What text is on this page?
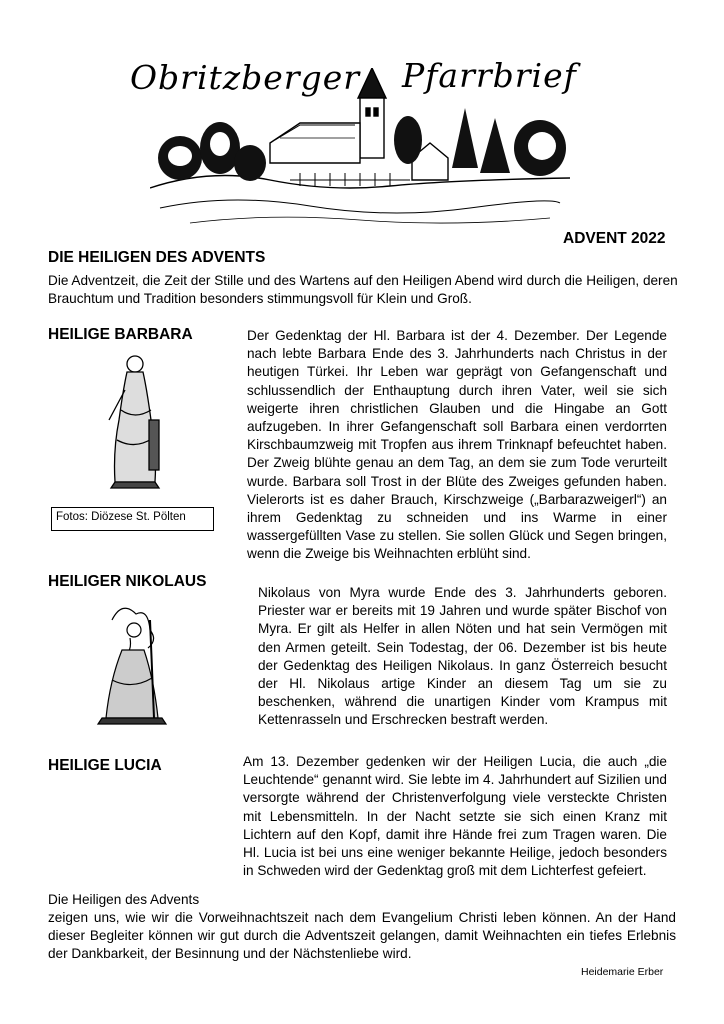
Obritzberger Pfarrbrief
ADVENT 2022
DIE HEILIGEN DES ADVENTS
Die Adventzeit, die Zeit der Stille und des Wartens auf den Heiligen Abend wird durch die Heiligen, deren Brauchtum und Tradition besonders stimmungsvoll für Klein und Groß.
HEILIGE BARBARA
Fotos: Diözese St. Pölten
Der Gedenktag der Hl. Barbara ist der 4. Dezember. Der Legende nach lebte Barbara Ende des 3. Jahrhunderts nach Christus in der heutigen Türkei. Ihr Leben war geprägt von Gefangenschaft und schlussendlich der Enthauptung durch ihren Vater, weil sie sich weigerte ihren christlichen Glauben und die Hingabe an Gott aufzugeben. In ihrer Gefangenschaft soll Barbara einen verdorrten Kirschbaumzweig mit Tropfen aus ihrem Trinknapf befeuchtet haben. Der Zweig blühte genau an dem Tag, an dem sie zum Tode verurteilt wurde. Barbara soll Trost in der Blüte des Zweiges gefunden haben. Vielerorts ist es daher Brauch, Kirschzweige („Barbarazweigerl“) an ihrem Gedenktag zu schneiden und ins Warme in einer wassergefüllten Vase zu stellen. Sie sollen Glück und Segen bringen, wenn die Zweige bis Weihnachten erblüht sind.
HEILIGER NIKOLAUS
Nikolaus von Myra wurde Ende des 3. Jahrhunderts geboren. Priester war er bereits mit 19 Jahren und wurde später Bischof von Myra. Er gilt als Helfer in allen Nöten und hat sein Vermögen mit den Armen geteilt. Sein Todestag, der 06. Dezember ist bis heute der Gedenktag des Heiligen Nikolaus. In ganz Österreich besucht der Hl. Nikolaus artige Kinder an diesem Tag um sie zu beschenken, während die unartigen Kinder vom Krampus mit Kettenrasseln und Erschrecken bestraft werden.
HEILIGE LUCIA	Am 13. Dezember gedenken wir der Heiligen Lucia, die auch „die Leuchtende“ genannt wird. Sie lebte im 4. Jahrhundert auf Sizilien und versorgte während der Christenverfolgung viele versteckte Christen mit Lebensmitteln. In der Nacht setzte sie sich einen Kranz mit Lichtern auf den Kopf, damit ihre Hände frei zum Tragen waren. Die Hl. Lucia ist bei uns eine weniger bekannte Heilige, jedoch besonders in Schweden wird der Gedenktag groß mit dem Lichterfest gefeiert.
Die Heiligen des Advents
zeigen uns, wie wir die Vorweihnachtszeit nach dem Evangelium Christi leben können. An der Hand dieser Begleiter können wir gut durch die Adventszeit gelangen, damit Weihnachten ein tiefes Erlebnis der Dankbarkeit, der Besinnung und der Nächstenliebe wird.
Heidemarie Erber
